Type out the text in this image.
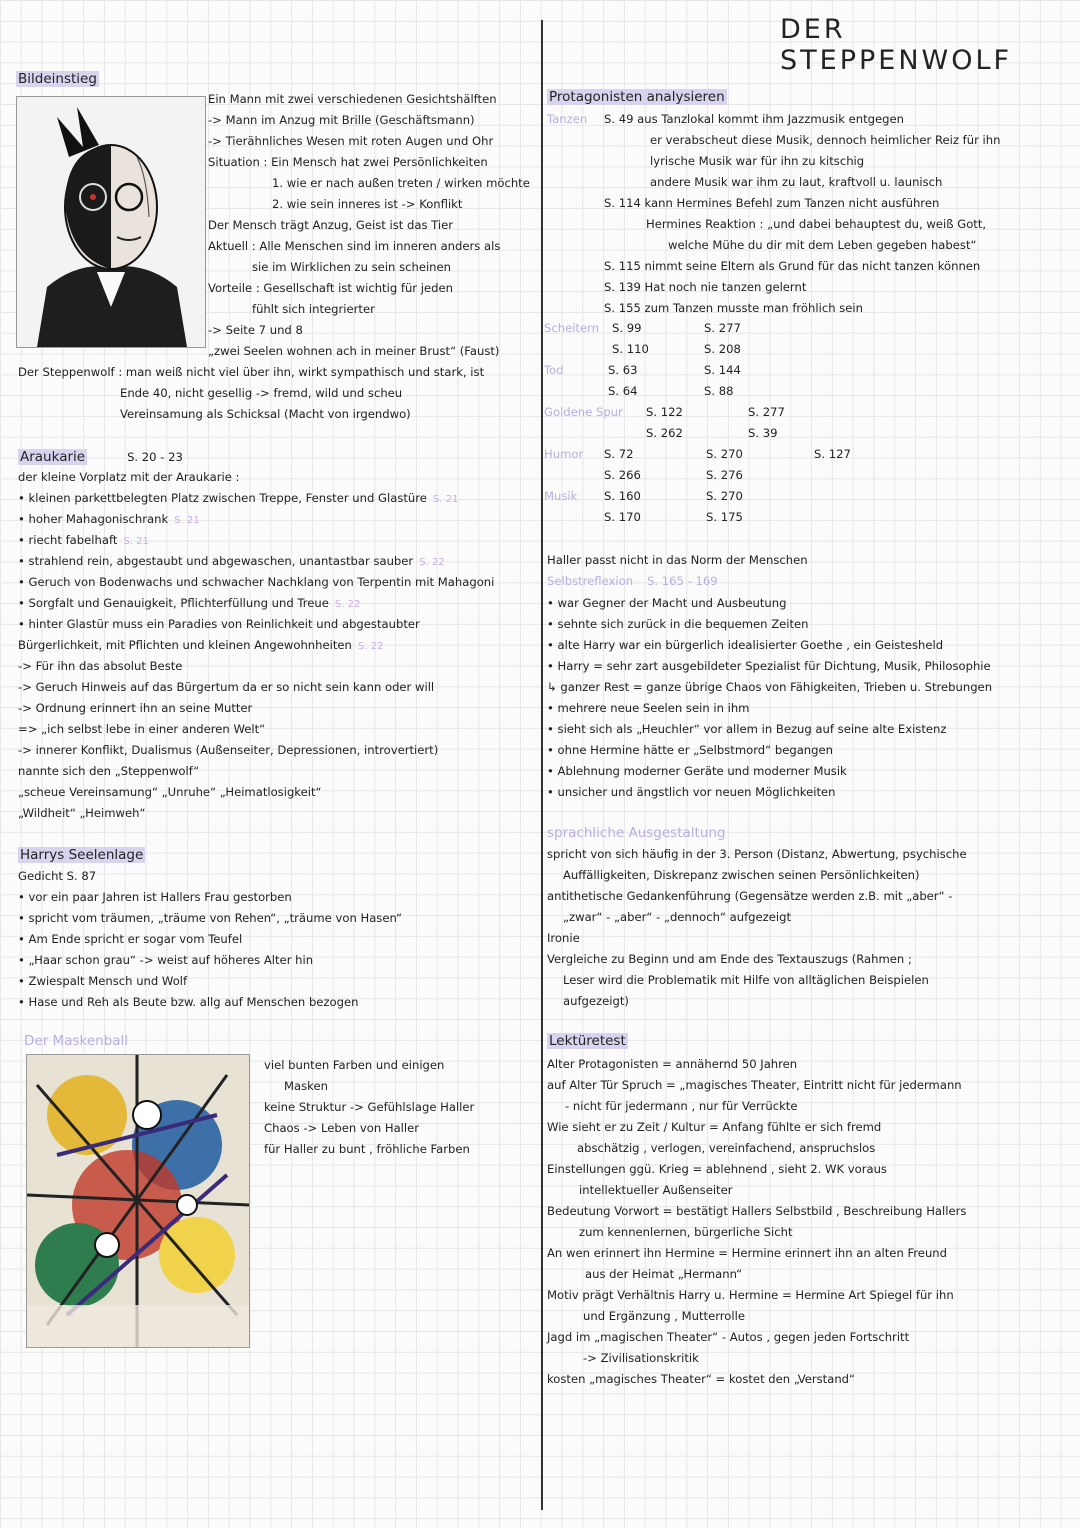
DER STEPPENWOLF
Bildeinstieg
Ein Mann mit zwei verschiedenen Gesichtshälften
-> Mann im Anzug mit Brille (Geschäftsmann)
-> Tierähnliches Wesen mit roten Augen und Ohr
Situation : Ein Mensch hat zwei Persönlichkeiten
1. wie er nach außen treten / wirken möchte
2. wie sein inneres ist -> Konflikt
Der Mensch trägt Anzug, Geist ist das Tier
Aktuell : Alle Menschen sind im inneren anders als
sie im Wirklichen zu sein scheinen
Vorteile : Gesellschaft ist wichtig für jeden
fühlt sich integrierter
-> Seite 7 und 8
„zwei Seelen wohnen ach in meiner Brust“ (Faust)
Der Steppenwolf : man weiß nicht viel über ihn, wirkt sympathisch und stark, ist
Ende 40, nicht gesellig -> fremd, wild und scheu
Vereinsamung als Schicksal (Macht von irgendwo)
Araukarie	S. 20 - 23
der kleine Vorplatz mit der Araukarie :
• kleinen parkettbelegten Platz zwischen Treppe, Fenster und Glastüre S. 21
• hoher Mahagonischrank S. 21
• riecht fabelhaft S. 21
• strahlend rein, abgestaubt und abgewaschen, unantastbar sauber S. 22
• Geruch von Bodenwachs und schwacher Nachklang von Terpentin mit Mahagoni
• Sorgfalt und Genauigkeit, Pflichterfüllung und Treue S. 22
• hinter Glastür muss ein Paradies von Reinlichkeit und abgestaubter
Bürgerlichkeit, mit Pflichten und kleinen Angewohnheiten S. 22
-> Für ihn das absolut Beste
-> Geruch Hinweis auf das Bürgertum da er so nicht sein kann oder will
-> Ordnung erinnert ihn an seine Mutter
=> „ich selbst lebe in einer anderen Welt“
-> innerer Konflikt, Dualismus (Außenseiter, Depressionen, introvertiert)
nannte sich den „Steppenwolf“
„scheue Vereinsamung“ „Unruhe“ „Heimatlosigkeit“
„Wildheit“ „Heimweh“
Harrys Seelenlage
Gedicht S. 87
• vor ein paar Jahren ist Hallers Frau gestorben
• spricht vom träumen, „träume von Rehen“, „träume von Hasen“
• Am Ende spricht er sogar vom Teufel
• „Haar schon grau“ -> weist auf höheres Alter hin
• Zwiespalt Mensch und Wolf
• Hase und Reh als Beute bzw. allg auf Menschen bezogen
Der Maskenball
viel bunten Farben und einigen
Masken
keine Struktur -> Gefühlslage Haller
Chaos -> Leben von Haller
für Haller zu bunt , fröhliche Farben
Protagonisten analysieren
Tanzen S. 49 aus Tanzlokal kommt ihm Jazzmusik entgegen
er verabscheut diese Musik, dennoch heimlicher Reiz für ihn
lyrische Musik war für ihn zu kitschig
andere Musik war ihm zu laut, kraftvoll u. launisch
S. 114 kann Hermines Befehl zum Tanzen nicht ausführen
Hermines Reaktion : „und dabei behauptest du, weiß Gott,
welche Mühe du dir mit dem Leben gegeben habest“
S. 115 nimmt seine Eltern als Grund für das nicht tanzen können
S. 139 Hat noch nie tanzen gelernt
S. 155 zum Tanzen musste man fröhlich sein
Scheitern S. 99	S. 277
S. 110	S. 208
Tod	S. 63	S. 144
S. 64	S. 88
Goldene Spur S. 122	S. 277
S. 262	S. 39
Humor S. 72	S. 270	S. 127
S. 266	S. 276
Musik S. 160	S. 270
S. 170	S. 175
Haller passt nicht in das Norm der Menschen
Selbstreflexion S. 165 - 169
• war Gegner der Macht und Ausbeutung
• sehnte sich zurück in die bequemen Zeiten
• alte Harry war ein bürgerlich idealisierter Goethe , ein Geistesheld
• Harry = sehr zart ausgebildeter Spezialist für Dichtung, Musik, Philosophie
↳ ganzer Rest = ganze übrige Chaos von Fähigkeiten, Trieben u. Strebungen
• mehrere neue Seelen sein in ihm
• sieht sich als „Heuchler“ vor allem in Bezug auf seine alte Existenz
• ohne Hermine hätte er „Selbstmord“ begangen
• Ablehnung moderner Geräte und moderner Musik
• unsicher und ängstlich vor neuen Möglichkeiten
sprachliche Ausgestaltung
spricht von sich häufig in der 3. Person (Distanz, Abwertung, psychische
Auffälligkeiten, Diskrepanz zwischen seinen Persönlichkeiten)
antithetische Gedankenführung (Gegensätze werden z.B. mit „aber“ -
„zwar“ - „aber“ - „dennoch“ aufgezeigt
Ironie
Vergleiche zu Beginn und am Ende des Textauszugs (Rahmen ;
Leser wird die Problematik mit Hilfe von alltäglichen Beispielen
aufgezeigt)
Lektüretest
Alter Protagonisten = annähernd 50 Jahren
auf Alter Tür Spruch = „magisches Theater, Eintritt nicht für jedermann
- nicht für jedermann , nur für Verrückte
Wie sieht er zu Zeit / Kultur = Anfang fühlte er sich fremd
abschätzig , verlogen, vereinfachend, anspruchslos
Einstellungen ggü. Krieg = ablehnend , sieht 2. WK voraus
intellektueller Außenseiter
Bedeutung Vorwort = bestätigt Hallers Selbstbild , Beschreibung Hallers
zum kennenlernen, bürgerliche Sicht
An wen erinnert ihn Hermine = Hermine erinnert ihn an alten Freund
aus der Heimat „Hermann“
Motiv prägt Verhältnis Harry u. Hermine = Hermine Art Spiegel für ihn
und Ergänzung , Mutterrolle
Jagd im „magischen Theater“ - Autos , gegen jeden Fortschritt
-> Zivilisationskritik
kosten „magisches Theater“ = kostet den „Verstand“
